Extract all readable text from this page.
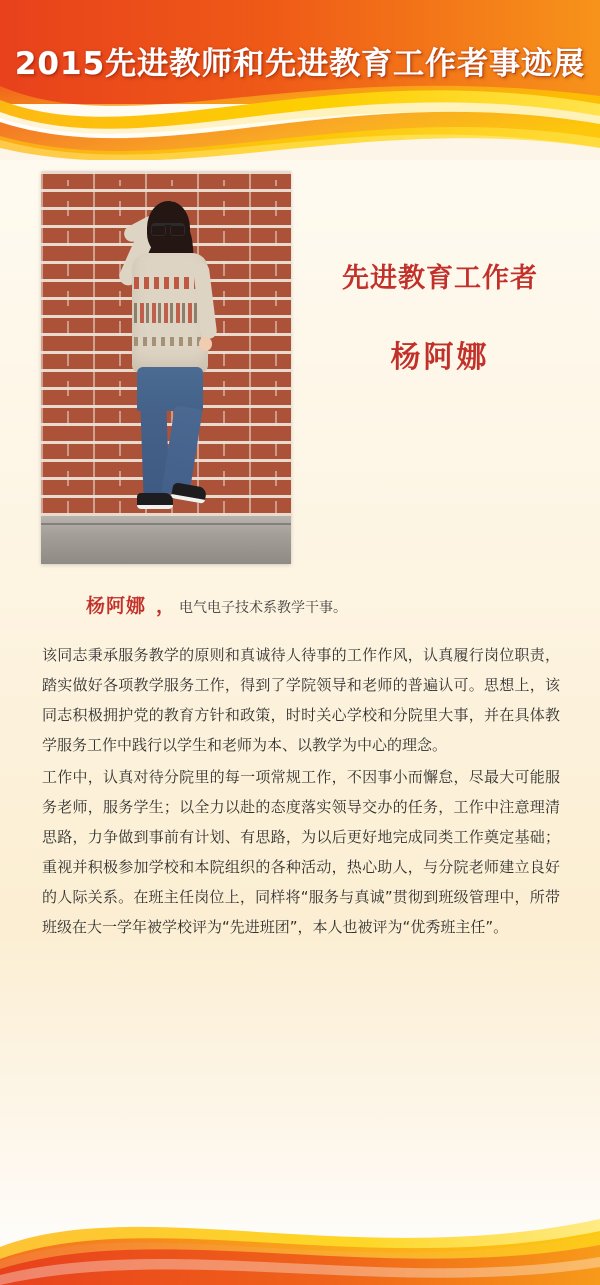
2015先进教师和先进教育工作者事迹展
先进教育工作者
杨阿娜
杨阿娜 ， 电气电子技术系教学干事。

该同志秉承服务教学的原则和真诚待人待事的工作作风，认真履行岗位职责，踏实做好各项教学服务工作，得到了学院领导和老师的普遍认可。思想上，该同志积极拥护党的教育方针和政策，时时关心学校和分院里大事，并在具体教学服务工作中践行以学生和老师为本、以教学为中心的理念。

工作中，认真对待分院里的每一项常规工作，不因事小而懈怠，尽最大可能服务老师，服务学生；以全力以赴的态度落实领导交办的任务，工作中注意理清思路，力争做到事前有计划、有思路，为以后更好地完成同类工作奠定基础；重视并积极参加学校和本院组织的各种活动，热心助人，与分院老师建立良好的人际关系。在班主任岗位上，同样将“服务与真诚”贯彻到班级管理中，所带班级在大一学年被学校评为“先进班团”，本人也被评为“优秀班主任”。
